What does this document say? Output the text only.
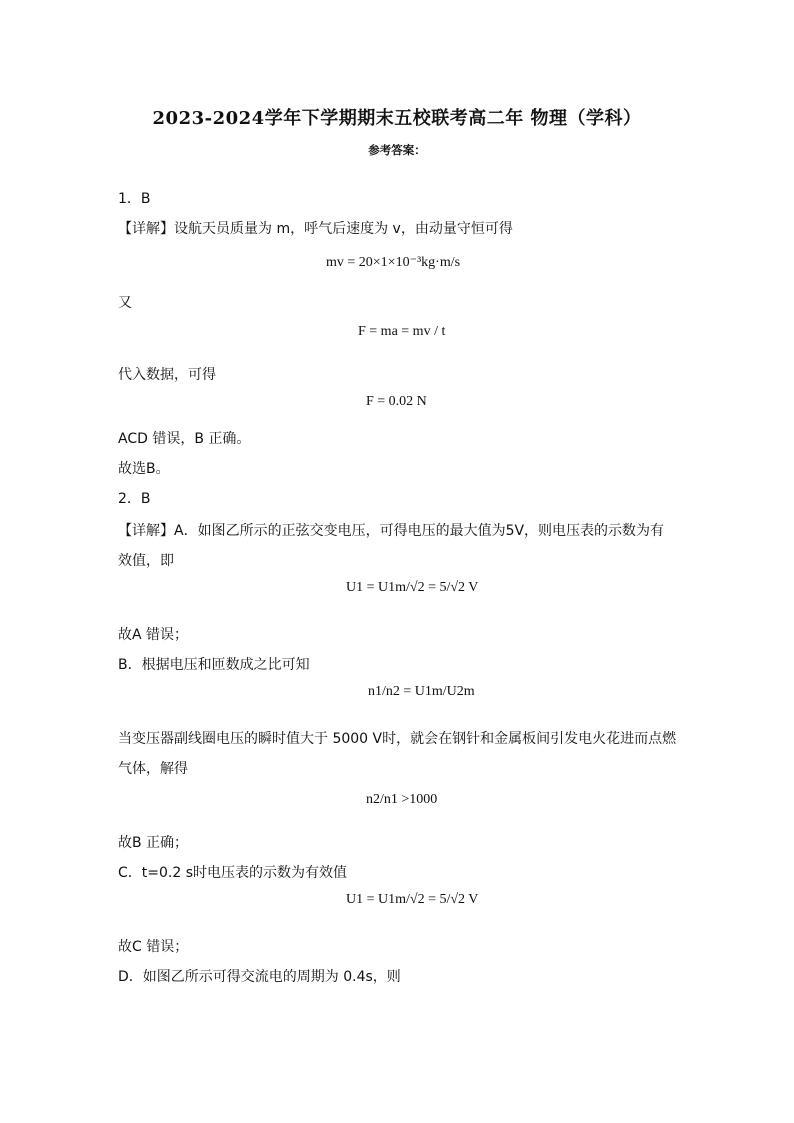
2023-2024学年下学期期末五校联考高二年 物理（学科）
参考答案：
1．B
【详解】设航天员质量为 m，呼气后速度为 v，由动量守恒可得
mv = 20×1×10⁻³kg·m/s
又
F = ma = mv / t
代入数据，可得
F = 0.02 N
ACD 错误，B 正确。
故选B。
2．B
【详解】A．如图乙所示的正弦交变电压，可得电压的最大值为5V，则电压表的示数为有
效值，即
U1 = U1m/√2 = 5/√2 V
故A 错误；
B．根据电压和匝数成之比可知
n1/n2 = U1m/U2m
当变压器副线圈电压的瞬时值大于 5000 V时，就会在钢针和金属板间引发电火花进而点燃
气体，解得
n2/n1 >1000
故B 正确；
C．t=0.2 s时电压表的示数为有效值
U1 = U1m/√2 = 5/√2 V
故C 错误；
D．如图乙所示可得交流电的周期为 0.4s，则
